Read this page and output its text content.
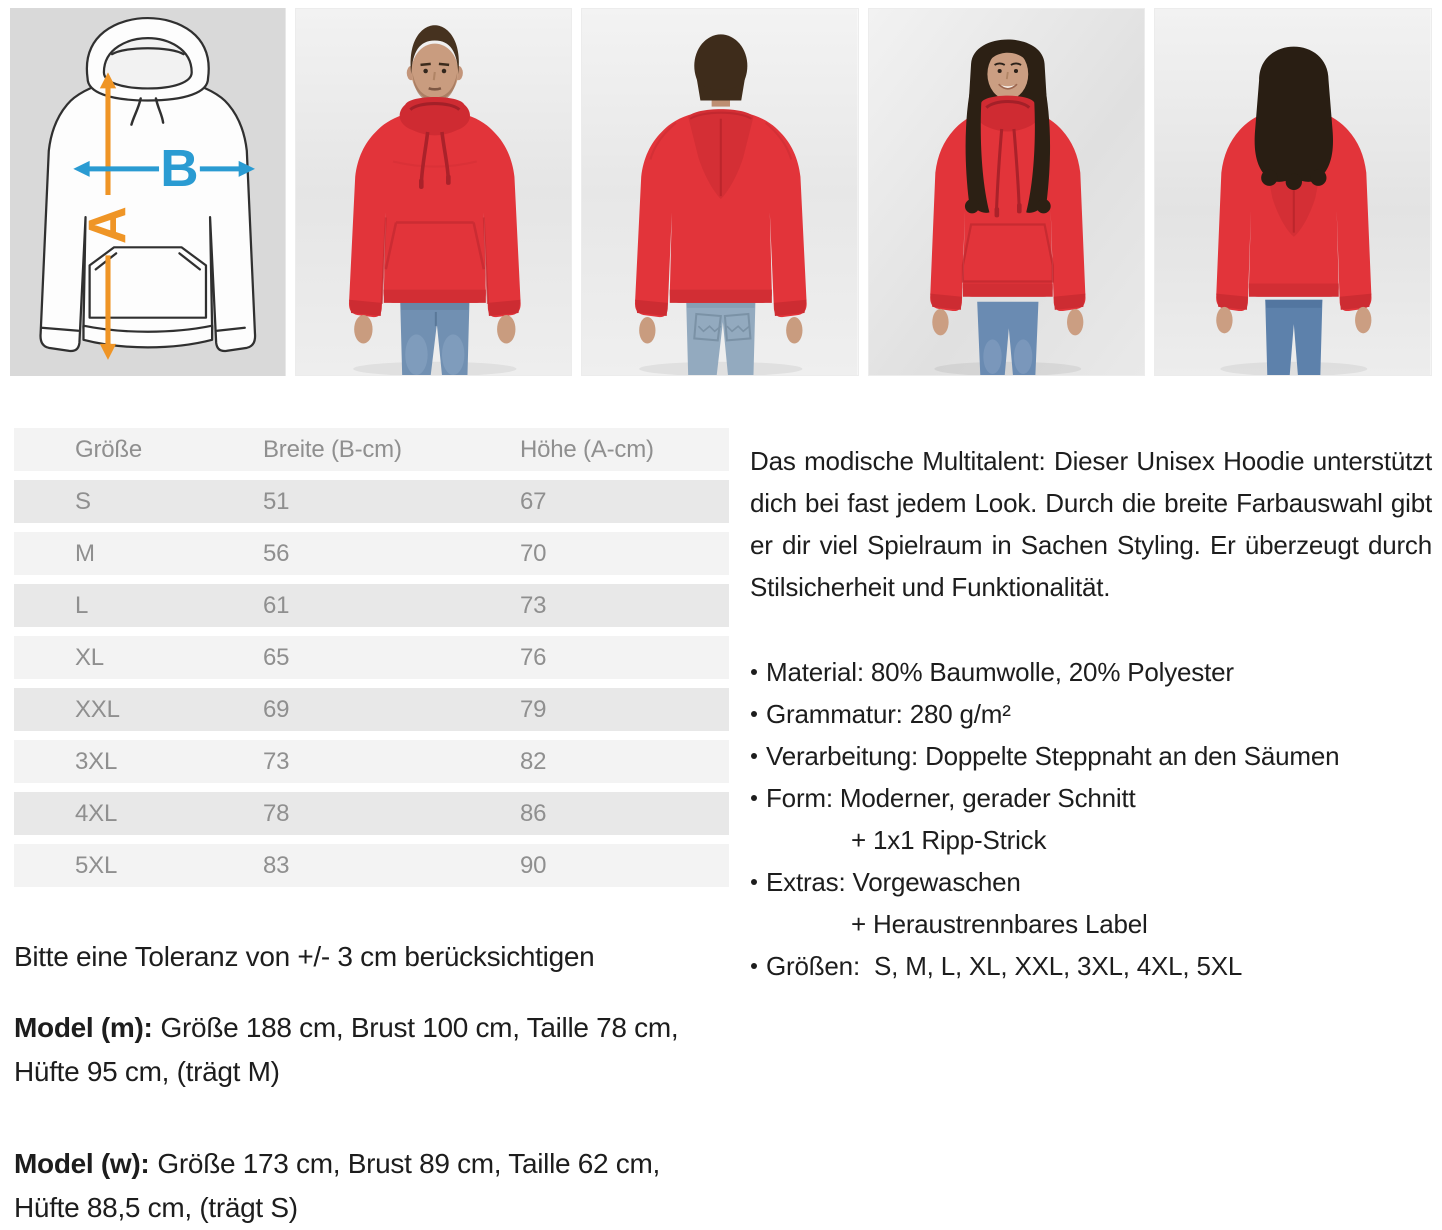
A
B
Größe	Breite (B-cm)	Höhe (A-cm)
S	51	67
M	56	70
L	61	73
XL	65	76
XXL	69	79
3XL	73	82
4XL	78	86
5XL	83	90
Bitte eine Toleranz von +/- 3 cm berücksichtigen
Model (m): Größe 188 cm, Brust 100 cm, Taille 78 cm, Hüfte 95 cm, (trägt M)
Model (w): Größe 173 cm, Brust 89 cm, Taille 62 cm, Hüfte 88,5 cm, (trägt S)

Das modische Multitalent: Dieser Unisex Hoodie unterstützt dich bei fast jedem Look. Durch die breite Farbauswahl gibt er dir viel Spielraum in Sachen Styling. Er überzeugt durch Stilsicherheit und Funktionalität.

Material: 80% Baumwolle, 20% Polyester
Grammatur: 280 g/m²
Verarbeitung: Doppelte Steppnaht an den Säumen
Form: Moderner, gerader Schnitt
+ 1x1 Ripp-Strick
Extras: Vorgewaschen
+ Heraustrennbares Label
Größen:  S, M, L, XL, XXL, 3XL, 4XL, 5XL
